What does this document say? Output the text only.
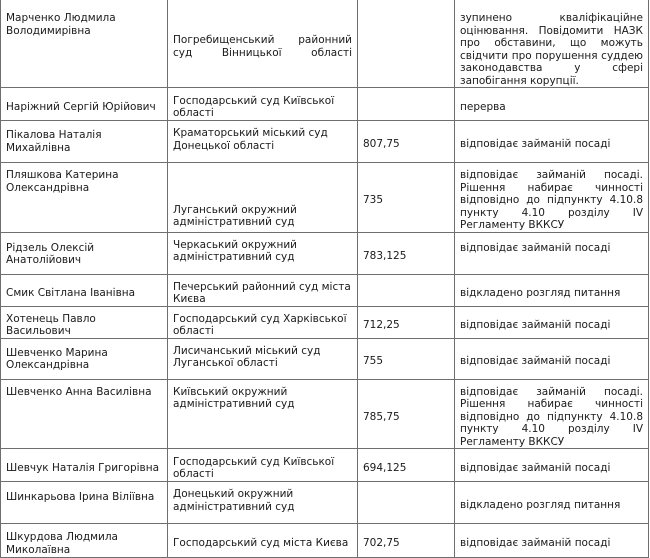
Марченко Людмила Володимирівна	Погребищенський районний суд Вінницької області		зупинено кваліфікаційне оцінювання. Повідомити НАЗК про обставини, що можуть свідчити про порушення суддею законодавства у сфері запобігання корупції.
Нарiжний Сергiй Юрiйович	Господарський суд Київської області		перерва
Пікалова Наталія Михайлівна	Краматорський міський суд Донецької області	807,75	відповідає займаній посаді
Пляшкова Катерина Олександрівна	Луганський окружний адміністративний суд	735	відповідає займаній посаді. Рішення набирає чинності відповідно до підпункту 4.10.8 пункту 4.10 розділу IV Регламенту ВККСУ
Рідзель Олексій Анатолійович	Черкаський окружний адміністративний суд	783,125	відповідає займаній посаді
Смик Світлана Іванівна	Печерський районний суд міста Києва		відкладено розгляд питання
Хотенець Павло Васильович	Господарський суд Харківської області	712,25	відповідає займаній посаді
Шевченко Марина Олександрівна	Лисичанський міський суд Луганської області	755	відповідає займаній посаді
Шевченко Анна Василівна	Київський окружний адміністративний суд	785,75	відповідає займаній посаді. Рішення набирає чинності відповідно до підпункту 4.10.8 пункту 4.10 розділу IV Регламенту ВККСУ
Шевчук Наталія Григорівна	Господарський суд Київської області	694,125	відповідає займаній посаді
Шинкарьова Ірина Віліївна	Донецький окружний адміністративний суд		відкладено розгляд питання
Шкурдова Людмила Миколаївна	Господарський суд міста Києва	702,75	відповідає займаній посаді
